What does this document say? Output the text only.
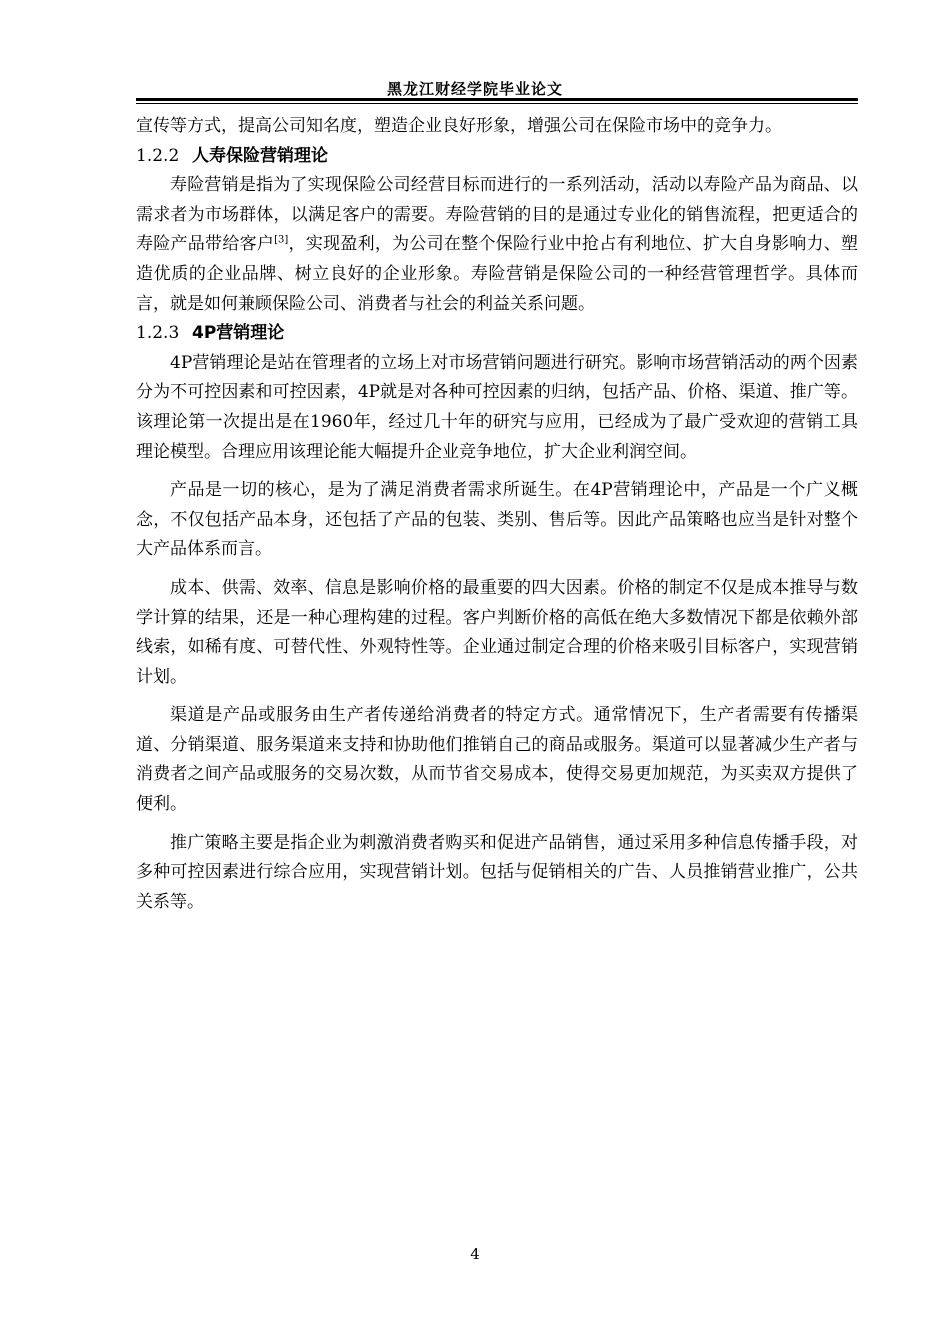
黑龙江财经学院毕业论文

宣传等方式，提高公司知名度，塑造企业良好形象，增强公司在保险市场中的竞争力。

1.2.2 人寿保险营销理论

寿险营销是指为了实现保险公司经营目标而进行的一系列活动，活动以寿险产品为商品、以需求者为市场群体，以满足客户的需要。寿险营销的目的是通过专业化的销售流程，把更适合的寿险产品带给客户[3]，实现盈利，为公司在整个保险行业中抢占有利地位、扩大自身影响力、塑造优质的企业品牌、树立良好的企业形象。寿险营销是保险公司的一种经营管理哲学。具体而言，就是如何兼顾保险公司、消费者与社会的利益关系问题。

1.2.3 4P营销理论

4P营销理论是站在管理者的立场上对市场营销问题进行研究。影响市场营销活动的两个因素分为不可控因素和可控因素，4P就是对各种可控因素的归纳，包括产品、价格、渠道、推广等。该理论第一次提出是在1960年，经过几十年的研究与应用，已经成为了最广受欢迎的营销工具理论模型。合理应用该理论能大幅提升企业竞争地位，扩大企业利润空间。

产品是一切的核心，是为了满足消费者需求所诞生。在4P营销理论中，产品是一个广义概念，不仅包括产品本身，还包括了产品的包装、类别、售后等。因此产品策略也应当是针对整个大产品体系而言。

成本、供需、效率、信息是影响价格的最重要的四大因素。价格的制定不仅是成本推导与数学计算的结果，还是一种心理构建的过程。客户判断价格的高低在绝大多数情况下都是依赖外部线索，如稀有度、可替代性、外观特性等。企业通过制定合理的价格来吸引目标客户，实现营销计划。

渠道是产品或服务由生产者传递给消费者的特定方式。通常情况下，生产者需要有传播渠道、分销渠道、服务渠道来支持和协助他们推销自己的商品或服务。渠道可以显著减少生产者与消费者之间产品或服务的交易次数，从而节省交易成本，使得交易更加规范，为买卖双方提供了便利。

推广策略主要是指企业为刺激消费者购买和促进产品销售，通过采用多种信息传播手段，对多种可控因素进行综合应用，实现营销计划。包括与促销相关的广告、人员推销营业推广，公共关系等。

4
